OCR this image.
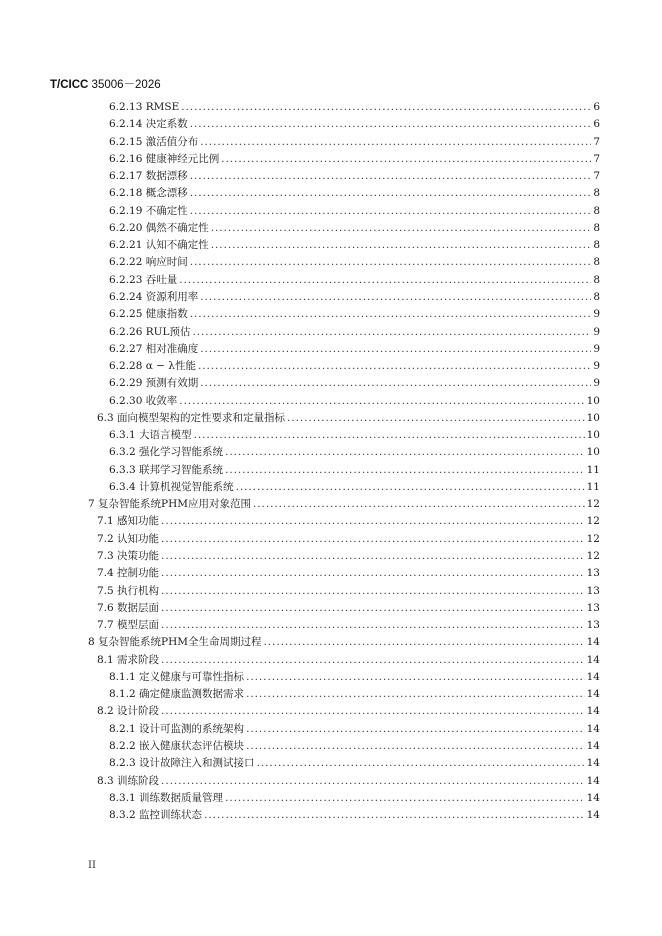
T/CICC 35006－2026
6.2.13 RMSE . . .	6
6.2.14 决定系数 . . .	6
6.2.15 激活值分布 . . .	7
6.2.16 健康神经元比例 . . .	7
6.2.17 数据漂移 . . .	7
6.2.18 概念漂移 . . .	8
6.2.19 不确定性 . . .	8
6.2.20 偶然不确定性 . . .	8
6.2.21 认知不确定性 . . .	8
6.2.22 响应时间 . . .	8
6.2.23 吞吐量 . . .	8
6.2.24 资源利用率 . . .	8
6.2.25 健康指数 . . .	9
6.2.26 RUL预估 . . .	9
6.2.27 相对准确度 . . .	9
6.2.28 α − λ性能 . . .	9
6.2.29 预测有效期 . . .	9
6.2.30 收敛率 . . .	10
6.3 面向模型架构的定性要求和定量指标 . . .	10
6.3.1 大语言模型 . . .	10
6.3.2 强化学习智能系统 . . .	10
6.3.3 联邦学习智能系统 . . .	11
6.3.4 计算机视觉智能系统 . . .	11
7 复杂智能系统PHM应用对象范围 . . .	12
7.1 感知功能 . . .	12
7.2 认知功能 . . .	12
7.3 决策功能 . . .	12
7.4 控制功能 . . .	13
7.5 执行机构 . . .	13
7.6 数据层面 . . .	13
7.7 模型层面 . . .	13
8 复杂智能系统PHM全生命周期过程 . . .	14
8.1 需求阶段 . . .	14
8.1.1 定义健康与可靠性指标 . . .	14
8.1.2 确定健康监测数据需求 . . .	14
8.2 设计阶段 . . .	14
8.2.1 设计可监测的系统架构 . . .	14
8.2.2 嵌入健康状态评估模块 . . .	14
8.2.3 设计故障注入和测试接口 . . .	14
8.3 训练阶段 . . .	14
8.3.1 训练数据质量管理 . . .	14
8.3.2 监控训练状态 . . .	14
II
